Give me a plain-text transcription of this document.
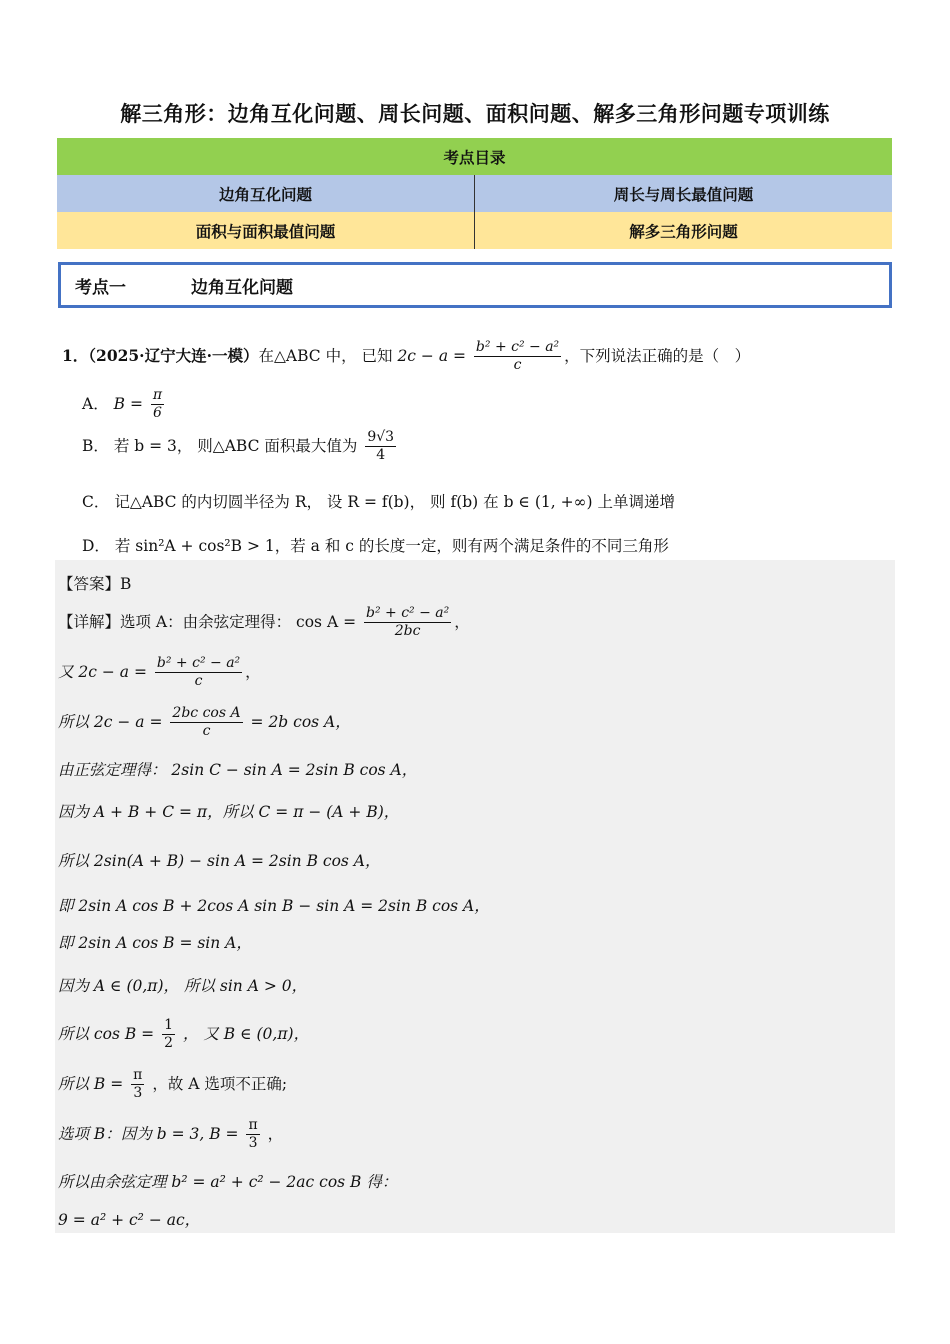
解三角形：边角互化问题、周长问题、面积问题、解多三角形问题专项训练
考点目录
边角互化问题	周长与周长最值问题
面积与面积最值问题	解多三角形问题
考点一	边角互化问题
1．（2025·辽宁大连·一模）在△ABC 中， 已知 $2c - a = \frac{\text{b² + c² − a²}}{c}$ ，下列说法正确的是（　）
A． $B = \frac{\pi}{6}$
B． 若 b = 3， 则△ABC 面积最大值为 $\frac{9√3}{4}$
C． 记△ABC 的内切圆半径为 R， 设 R = f(b)， 则 f(b) 在 b ∈ (1, +∞) 上单调递增
D． 若 sin²A + cos²B > 1，若 a 和 c 的长度一定，则有两个满足条件的不同三角形
【答案】B
【详解】选项 A：由余弦定理得： $\cos A = \frac{\text{b² + c² − a²}}{2bc}$ ，
又 $2c - a = \frac{\text{b² + c² − a²}}{c}$ ，
所以 $2c - a = \frac{\text{2bc cos A}}{c} = 2b$ cos A，
由正弦定理得： 2sin C − sin A = 2sin B cos A，
因为 A + B + C = π，所以 C = π − (A + B)，
所以 2sin(A + B) − sin A = 2sin B cos A，
即 2sin A cos B + 2cos A sin B − sin A = 2sin B cos A，
即 2sin A cos B = sin A，
因为 A ∈ (0,π)， 所以 sin A > 0，
所以 $\cos B = \frac{1}{2}$ ， 又 B ∈ (0,π)，
所以 $B = \frac{\pi}{3}$ ，故 A 选项不正确;
选项 B：因为 b = 3, $B = \frac{\pi}{3}$ ，
所以由余弦定理 b² = a² + c² − 2ac cos B 得：
9 = a² + c² − ac，
